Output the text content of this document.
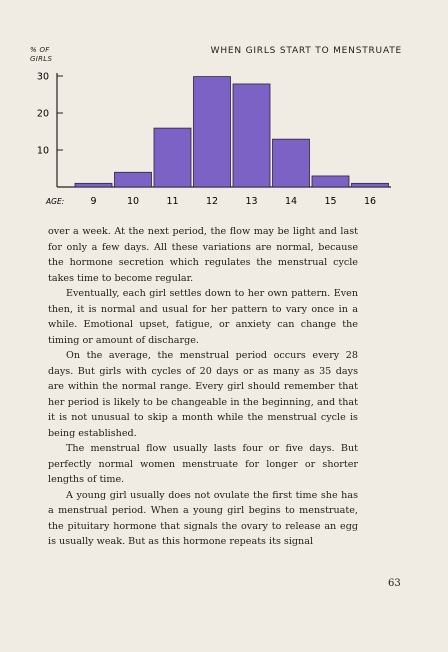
% OF GIRLS
WHEN GIRLS START TO MENSTRUATE
10
20
30
9	10	11	12	13	14	15	16
AGE:

over a week. At the next period, the flow may be light and last for only a few days. All these variations are normal, because the hormone secretion which regulates the menstrual cycle takes time to become regular.

Eventually, each girl settles down to her own pattern. Even then, it is normal and usual for her pattern to vary once in a while. Emotional upset, fatigue, or anxiety can change the timing or amount of discharge.

On the average, the menstrual period occurs every 28 days. But girls with cycles of 20 days or as many as 35 days are within the normal range. Every girl should remember that her period is likely to be changeable in the beginning, and that it is not unusual to skip a month while the menstrual cycle is being established.

The menstrual flow usually lasts four or five days. But perfectly normal women menstruate for longer or shorter lengths of time.

A young girl usually does not ovulate the first time she has a menstrual period. When a young girl begins to menstruate, the pituitary hormone that signals the ovary to release an egg is usually weak. But as this hormone repeats its signal

63
